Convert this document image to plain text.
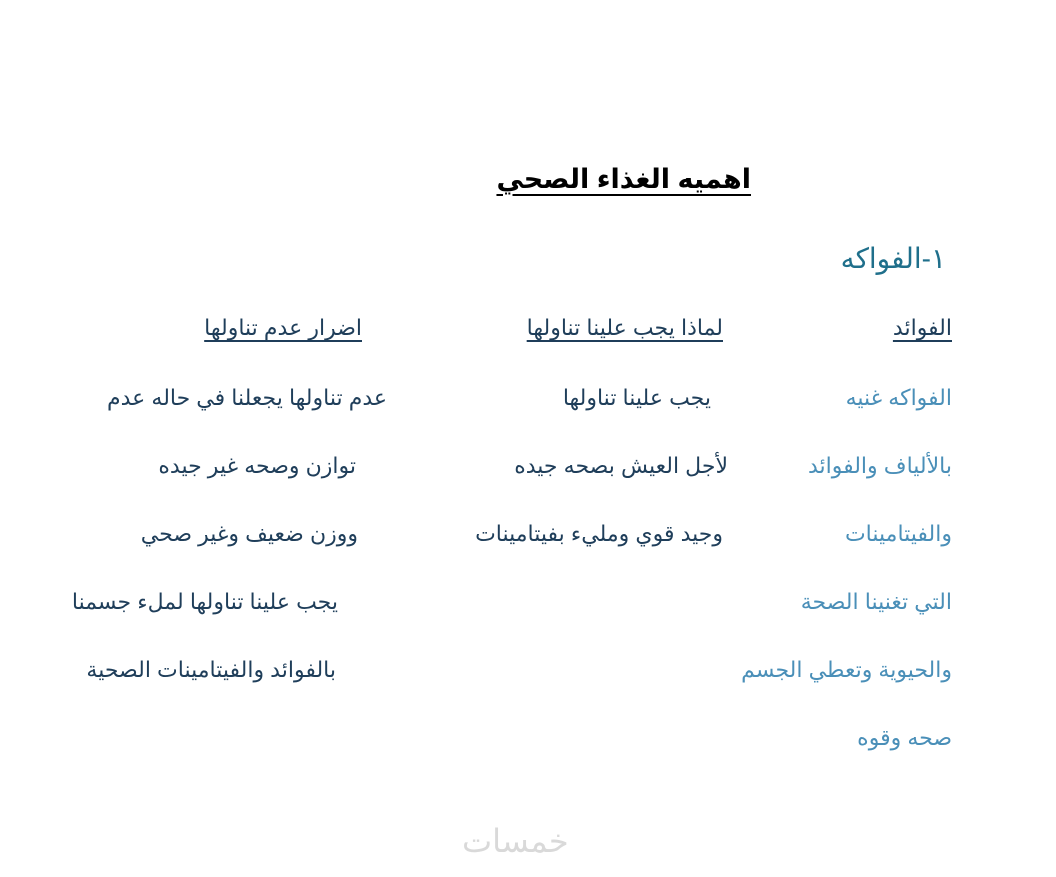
اهميه الغذاء الصحي
١-الفواكه
الفوائد
لماذا يجب علينا تناولها
اضرار عدم تناولها
الفواكه غنيه
بالألياف والفوائد
والفيتامينات
التي تغنينا الصحة
والحيوية وتعطي الجسم
صحه وقوه
يجب علينا تناولها
لأجل العيش بصحه جيده
وجيد قوي ومليء بفيتامينات
عدم تناولها يجعلنا في حاله عدم
توازن وصحه غير جيده
ووزن ضعيف وغير صحي
يجب علينا تناولها لملء جسمنا
بالفوائد والفيتامينات الصحية
خمسات
